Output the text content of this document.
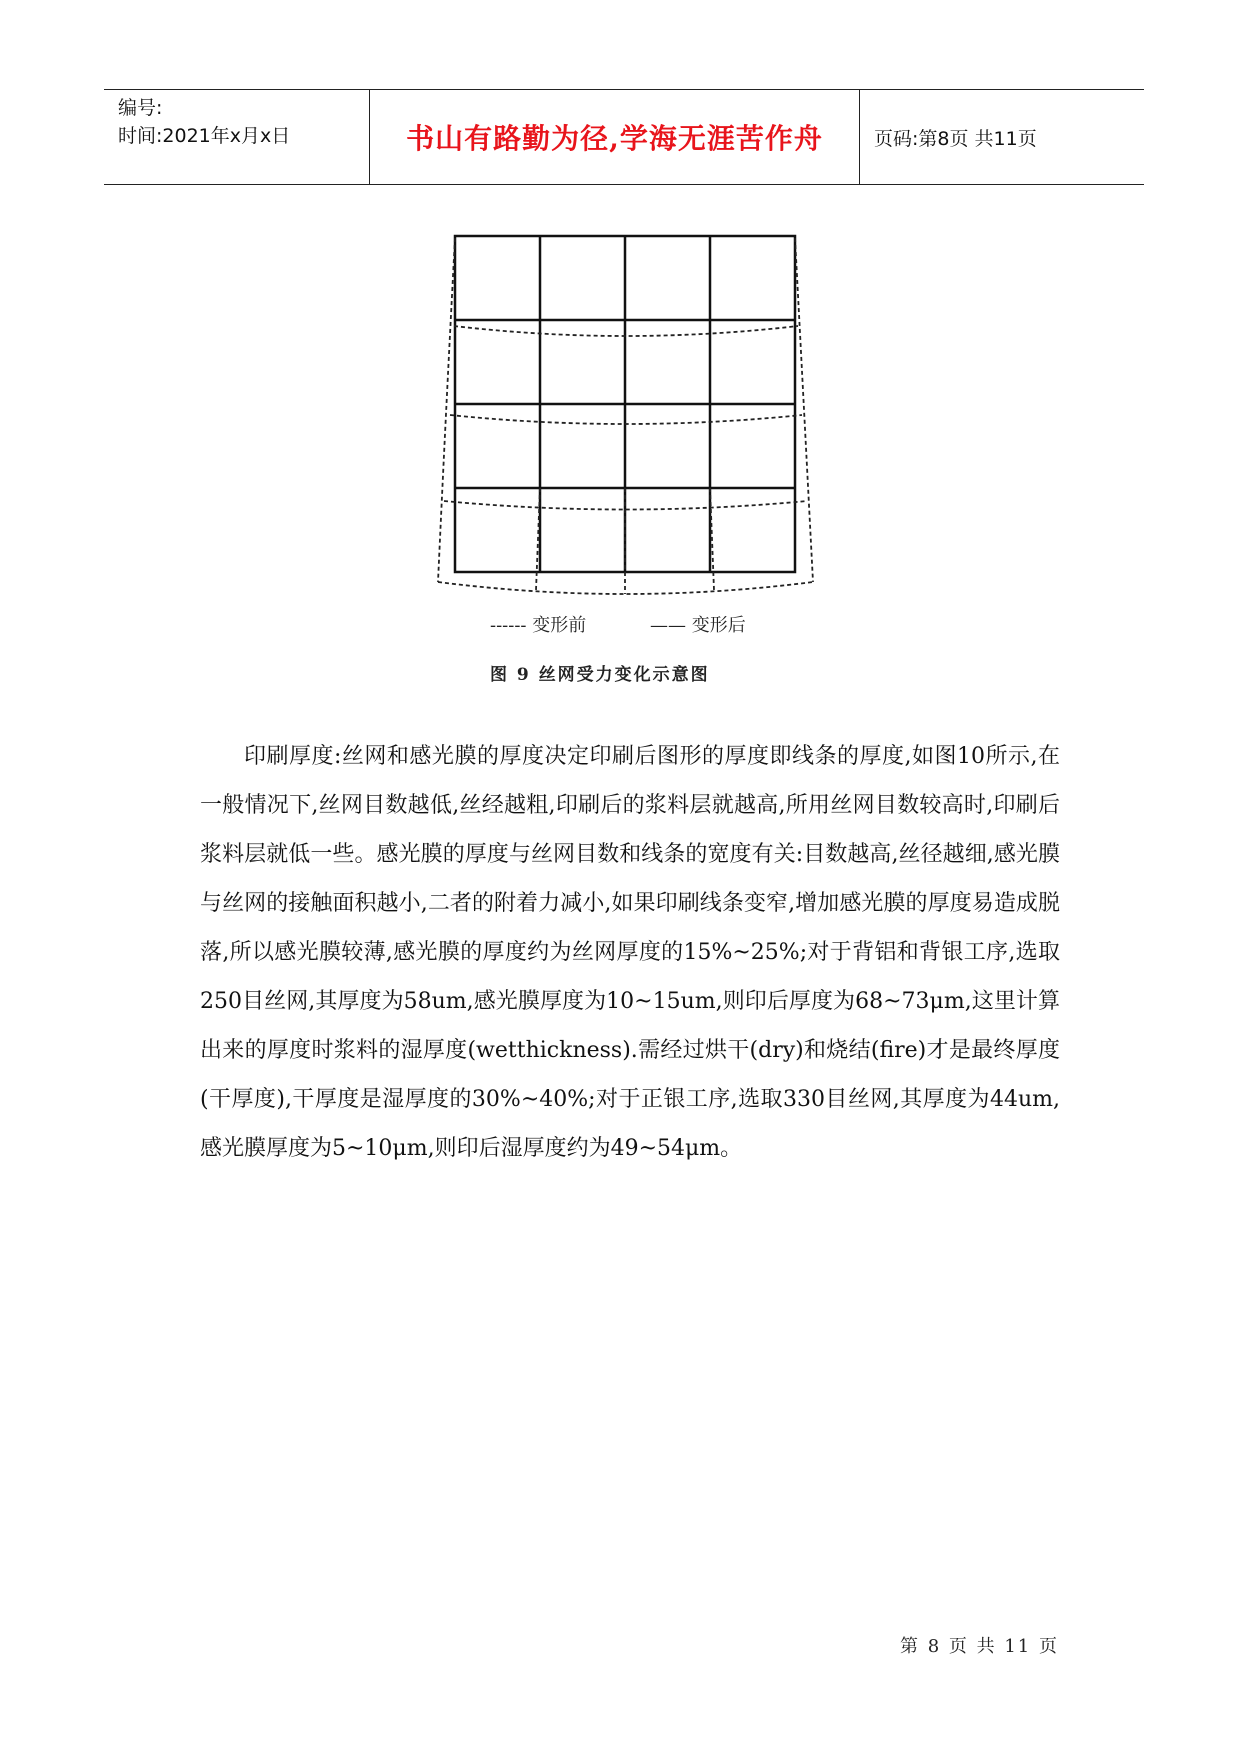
编号:
时间:2021年x月x日	书山有路勤为径,学海无涯苦作舟	页码:第8页 共11页
------ 变形前	—— 变形后
图 9 丝网受力变化示意图

印刷厚度:丝网和感光膜的厚度决定印刷后图形的厚度即线条的厚度,如图10所示,在一般情况下,丝网目数越低,丝经越粗,印刷后的浆料层就越高,所用丝网目数较高时,印刷后浆料层就低一些。感光膜的厚度与丝网目数和线条的宽度有关:目数越高,丝径越细,感光膜与丝网的接触面积越小,二者的附着力减小,如果印刷线条变窄,增加感光膜的厚度易造成脱落,所以感光膜较薄,感光膜的厚度约为丝网厚度的15%~25%;对于背铝和背银工序,选取250目丝网,其厚度为58um,感光膜厚度为10~15um,则印后厚度为68~73μm,这里计算出来的厚度时浆料的湿厚度(wetthickness).需经过烘干(dry)和烧结(fire)才是最终厚度(干厚度),干厚度是湿厚度的30%~40%;对于正银工序,选取330目丝网,其厚度为44um,感光膜厚度为5~10μm,则印后湿厚度约为49~54μm。

第 8 页 共 11 页
